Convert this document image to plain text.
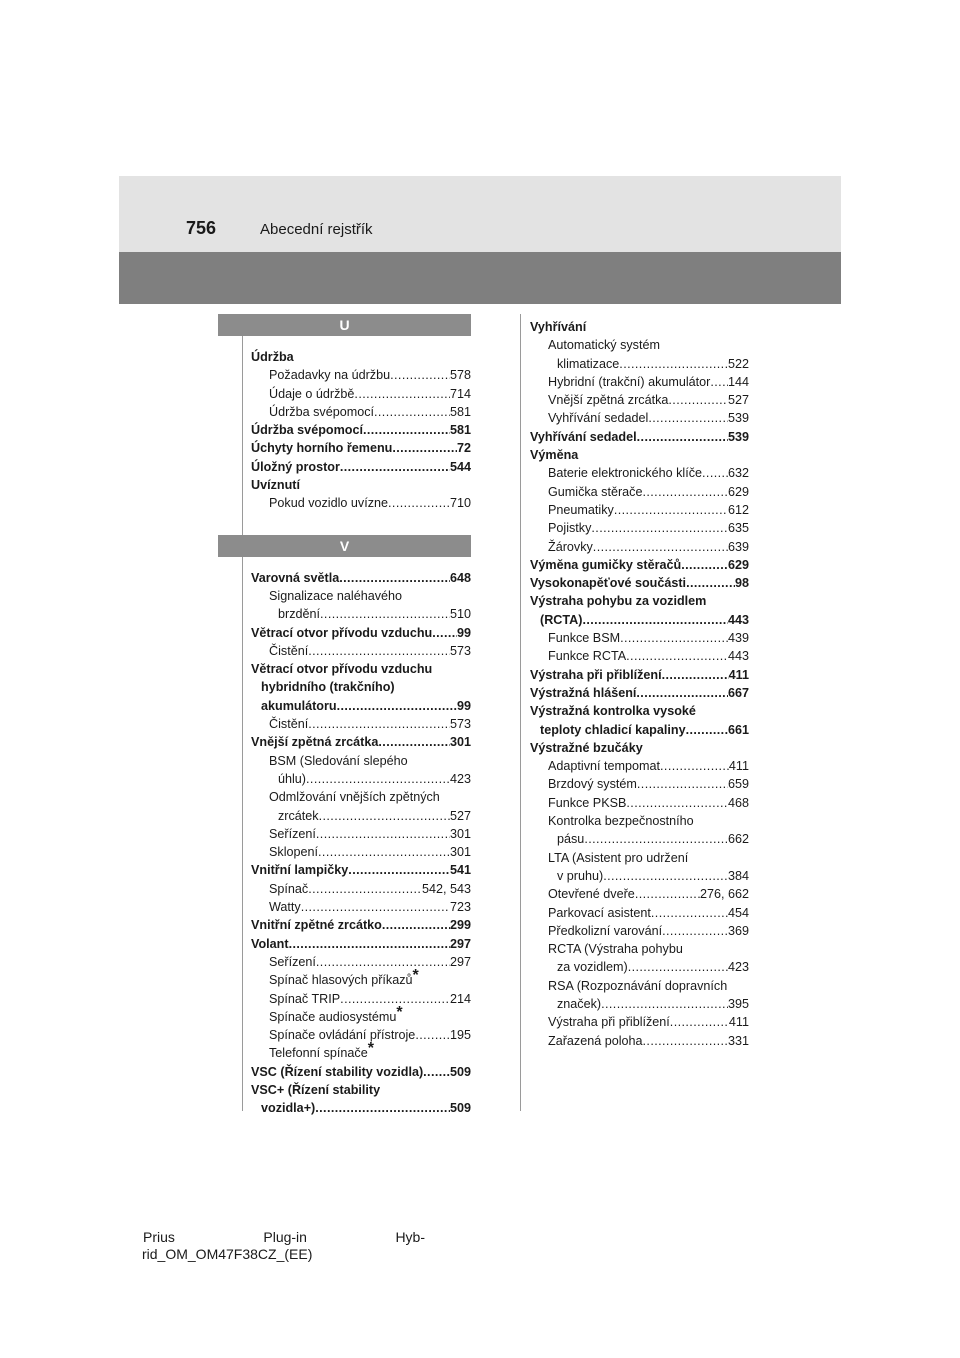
756	Abecední rejstřík
U
Údržba
Požadavky na údržbu .....	578
Údaje o údržbě .....	714
Údržba svépomocí .....	581
Údržba svépomocí .....	581
Úchyty horního řemenu .....	72
Úložný prostor .....	544
Uvíznutí
Pokud vozidlo uvízne .....	710
V
Varovná světla .....	648
Signalizace naléhavého
brzdění .....	510
Větrací otvor přívodu vzduchu ..... 99
Čistění .....	573
Větrací otvor přívodu vzduchu
hybridního (trakčního)
akumulátoru .....	99
Čistění .....	573
Vnější zpětná zrcátka .....	301
BSM (Sledování slepého
úhlu) .....	423
Odmlžování vnějších zpětných
zrcátek .....	527
Seřízení .....	301
Sklopení .....	301
Vnitřní lampičky .....	541
Spínač .....	542, 543
Watty .....	723
Vnitřní zpětné zrcátko .....	299
Volant .....	297
Seřízení .....	297
Spínač hlasových příkazů*
Spínač TRIP .....	214
Spínače audiosystému*
Spínače ovládání přístroje .....	195
Telefonní spínače*
VSC (Řízení stability vozidla) ..... 509
VSC+ (Řízení stability
vozidla+) .....	509
Vyhřívání
Automatický systém
klimatizace .....	522
Hybridní (trakční) akumulátor ..... 144
Vnější zpětná zrcátka .....	527
Vyhřívání sedadel .....	539
Vyhřívání sedadel .....	539
Výměna
Baterie elektronického klíče ..... 632
Gumička stěrače .....	629
Pneumatiky .....	612
Pojistky .....	635
Žárovky .....	639
Výměna gumičky stěračů .....	629
Vysokonapěťové součásti .....	98
Výstraha pohybu za vozidlem
(RCTA) .....	443
Funkce BSM .....	439
Funkce RCTA .....	443
Výstraha při přiblížení .....	411
Výstražná hlášení .....	667
Výstražná kontrolka vysoké
teploty chladicí kapaliny .....	661
Výstražné bzučáky
Adaptivní tempomat .....	411
Brzdový systém .....	659
Funkce PKSB .....	468
Kontrolka bezpečnostního
pásu .....	662
LTA (Asistent pro udržení
v pruhu) .....	384
Otevřené dveře .....	276, 662
Parkovací asistent .....	454
Předkolizní varování .....	369
RCTA (Výstraha pohybu
za vozidlem) .....	423
RSA (Rozpoznávání dopravních
značek) .....	395
Výstraha při přiblížení .....	411
Zařazená poloha .....	331
Prius	Plug-in	Hyb-
rid_OM_OM47F38CZ_(EE)
